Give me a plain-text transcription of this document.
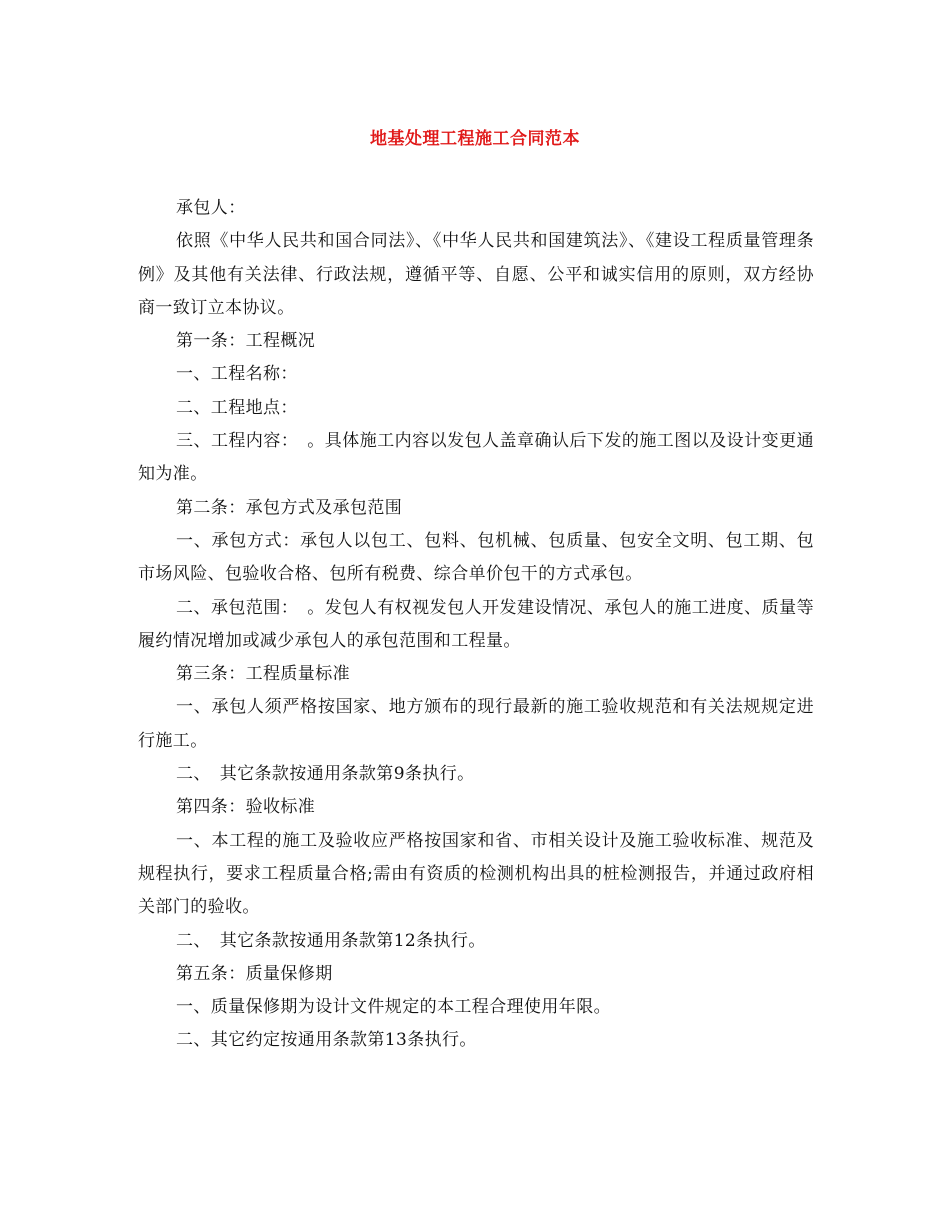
地基处理工程施工合同范本

承包人：

依照《中华人民共和国合同法》、《中华人民共和国建筑法》、《建设工程质量管理条例》及其他有关法律、行政法规，遵循平等、自愿、公平和诚实信用的原则，双方经协商一致订立本协议。

第一条：工程概况

一、工程名称：

二、工程地点：

三、工程内容：　。具体施工内容以发包人盖章确认后下发的施工图以及设计变更通知为准。

第二条：承包方式及承包范围

一、承包方式：承包人以包工、包料、包机械、包质量、包安全文明、包工期、包市场风险、包验收合格、包所有税费、综合单价包干的方式承包。

二、承包范围：　。发包人有权视发包人开发建设情况、承包人的施工进度、质量等履约情况增加或减少承包人的承包范围和工程量。

第三条：工程质量标准

一、承包人须严格按国家、地方颁布的现行最新的施工验收规范和有关法规规定进行施工。

二、　其它条款按通用条款第9条执行。

第四条：验收标准

一、本工程的施工及验收应严格按国家和省、市相关设计及施工验收标准、规范及规程执行，要求工程质量合格;需由有资质的检测机构出具的桩检测报告，并通过政府相关部门的验收。

二、　其它条款按通用条款第12条执行。

第五条：质量保修期

一、质量保修期为设计文件规定的本工程合理使用年限。

二、其它约定按通用条款第13条执行。
